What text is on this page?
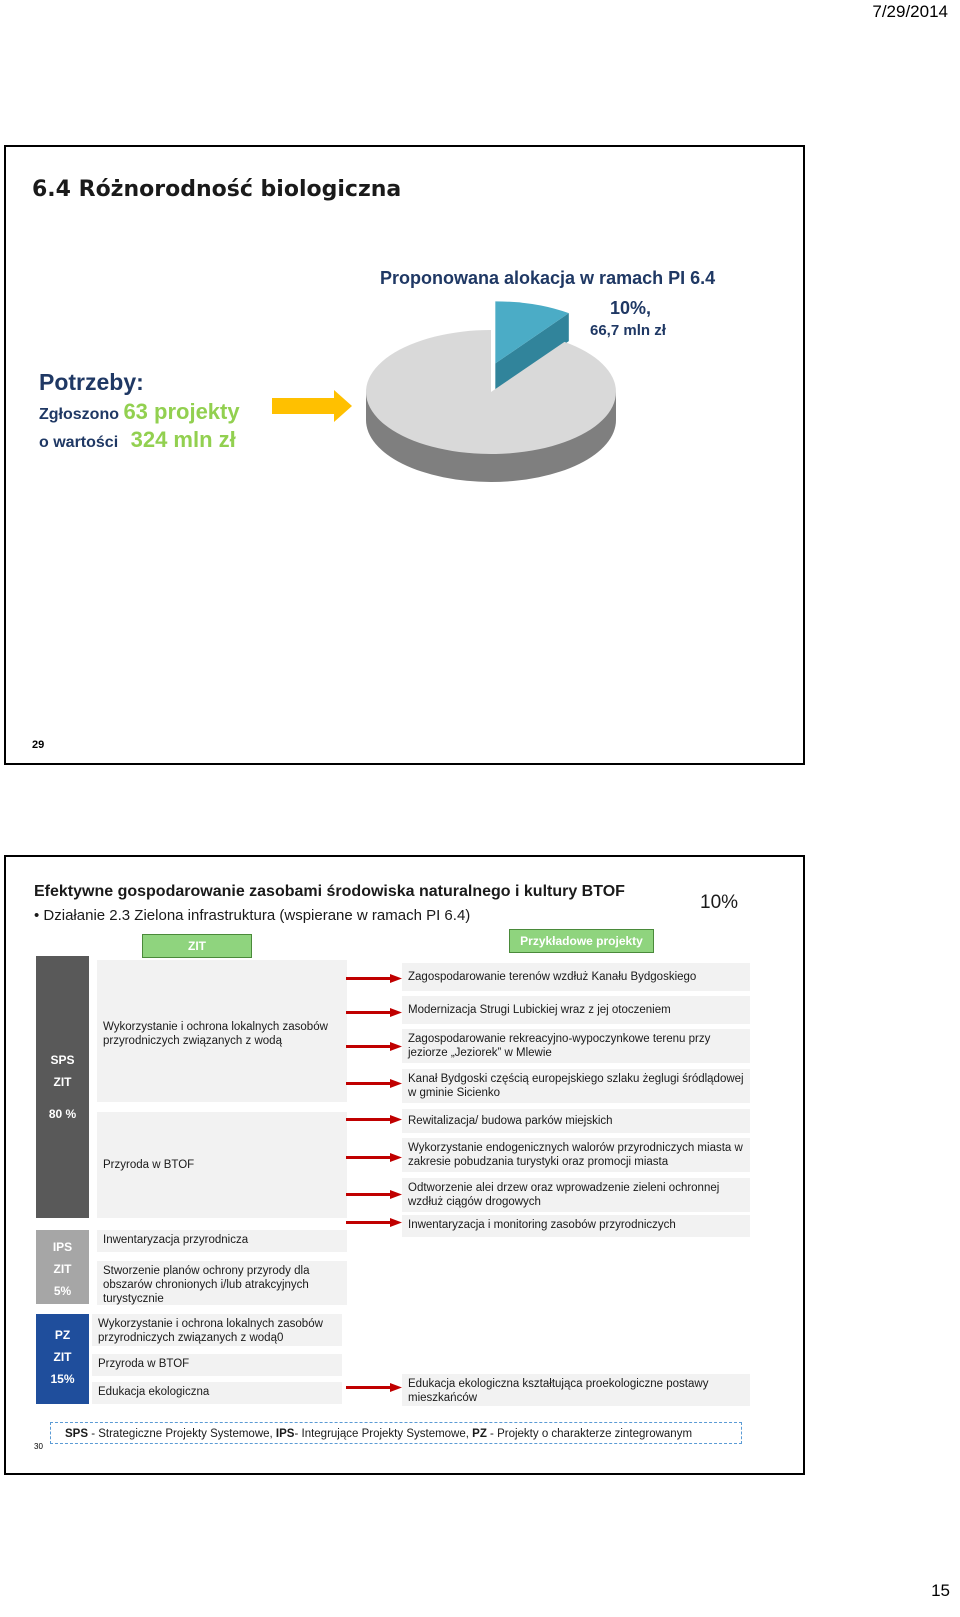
7/29/2014
6.4 Różnorodność biologiczna
Proponowana alokacja w ramach PI 6.4
10%,
66,7 mln zł
Potrzeby:
Zgłoszono 63 projekty
o wartości 324 mln zł
29
Efektywne gospodarowanie zasobami środowiska naturalnego i kultury BTOF
• Działanie 2.3 Zielona infrastruktura (wspierane w ramach PI 6.4)
10%
ZIT	Przykładowe projekty
SPS
ZIT
80 %
IPS
ZIT
5%
PZ
ZIT
15%
Wykorzystanie i ochrona lokalnych zasobów przyrodniczych związanych z wodą
Przyroda w BTOF
Inwentaryzacja przyrodnicza
Stworzenie planów ochrony przyrody dla obszarów chronionych i/lub atrakcyjnych turystycznie
Wykorzystanie i ochrona lokalnych zasobów przyrodniczych związanych z wodą0
Przyroda w BTOF
Edukacja ekologiczna
Zagospodarowanie terenów wzdłuż Kanału Bydgoskiego
Modernizacja Strugi Lubickiej wraz z jej otoczeniem
Zagospodarowanie rekreacyjno-wypoczynkowe terenu przy jeziorze „Jeziorek” w Mlewie
Kanał Bydgoski częścią europejskiego szlaku żeglugi śródlądowej w gminie Sicienko
Rewitalizacja/ budowa parków miejskich
Wykorzystanie endogenicznych walorów przyrodniczych miasta w zakresie pobudzania turystyki oraz promocji miasta
Odtworzenie alei drzew oraz wprowadzenie zieleni ochronnej wzdłuż ciągów drogowych
Inwentaryzacja i monitoring zasobów przyrodniczych
Edukacja ekologiczna kształtująca proekologiczne postawy mieszkańców
SPS - Strategiczne Projekty Systemowe, IPS- Integrujące Projekty Systemowe, PZ - Projekty o charakterze zintegrowanym
30
15
